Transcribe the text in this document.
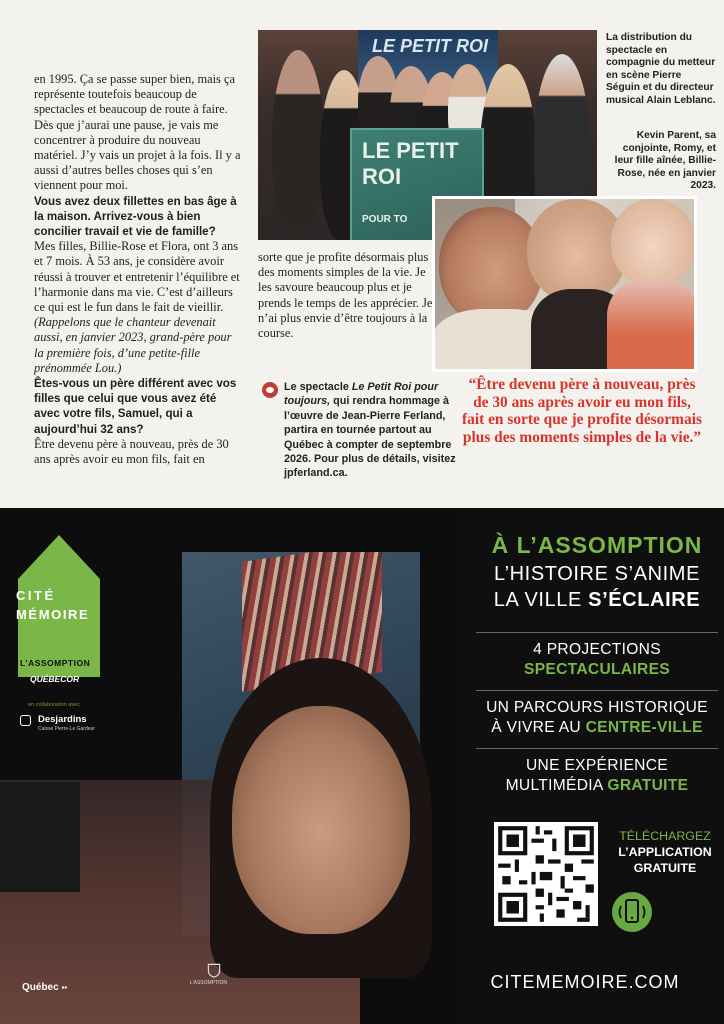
en 1995. Ça se passe super bien, mais ça représente toutefois beaucoup de spectacles et beaucoup de route à faire. Dès que j’aurai une pause, je vais me concentrer à produire du nouveau matériel. J’y vais un projet à la fois. Il y a aussi d’autres belles choses qui s’en viennent pour moi.

Vous avez deux fillettes en bas âge à la maison. Arrivez-vous à bien concilier travail et vie de famille?

Mes filles, Billie-Rose et Flora, ont 3 ans et 7 mois. À 53 ans, je considère avoir réussi à trouver et entretenir l’équilibre et l’harmonie dans ma vie. C’est d’ailleurs ce qui est le fun dans le fait de vieillir. (Rappelons que le chanteur devenait aussi, en janvier 2023, grand-père pour la première fois, d’une petite-fille prénommée Lou.)

Êtes-vous un père différent avec vos filles que celui que vous avez été avec votre fils, Samuel, qui a aujourd’hui 32 ans?

Être devenu père à nouveau, près de 30 ans après avoir eu mon fils, fait en

sorte que je profite désormais plus des moments simples de la vie. Je les savoure beaucoup plus et je prends le temps de les apprécier. Je n’ai plus envie d’être toujours à la course.

LE PETIT ROI
LE PETIT ROI
POUR TO
La distribution du spectacle en compagnie du metteur en scène Pierre Séguin et du directeur musical Alain Leblanc.
Kevin Parent, sa conjointe, Romy, et leur fille aînée, Billie-Rose, née en janvier 2023.
“Être devenu père à nouveau, près de 30 ans après avoir eu mon fils, fait en sorte que je profite désormais plus des moments simples de la vie.”
Le spectacle Le Petit Roi pour toujours, qui rendra hommage à l’œuvre de Jean-Pierre Ferland, partira en tournée partout au Québec à compter de septembre 2026. Pour plus de détails, visitez jpferland.ca.
CITÉ
MÉMOIRE
L’ASSOMPTION
QUÉBECOR
en collaboration avec
Desjardins
Caisse Pierre-Le Gardeur
Québec ▪▪
À L’ASSOMPTION
L’HISTOIRE S’ANIME
LA VILLE S’ÉCLAIRE
4 PROJECTIONS
SPECTACULAIRES
UN PARCOURS HISTORIQUE
À VIVRE AU CENTRE-VILLE
UNE EXPÉRIENCE
MULTIMÉDIA GRATUITE
TÉLÉCHARGEZ
L’APPLICATION
GRATUITE
CITEMEMOIRE.COM
L’ASSOMPTION
